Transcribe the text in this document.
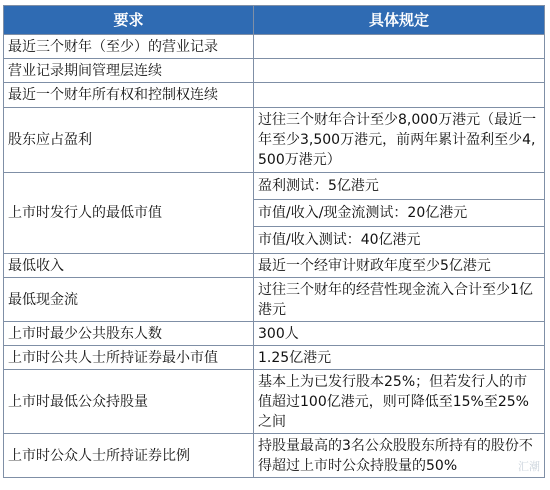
要求	具体规定
最近三个财年（至少）的营业记录	
营业记录期间管理层连续	
最近一个财年所有权和控制权连续	
股东应占盈利	过往三个财年合计至少8,000万港元（最近一年至少3,500万港元，前两年累计盈利至少4,500万港元）
上市时发行人的最低市值	盈利测试：5亿港元
	市值/收入/现金流测试：20亿港元
	市值/收入测试：40亿港元
最低收入	最近一个经审计财政年度至少5亿港元
最低现金流	过往三个财年的经营性现金流入合计至少1亿港元
上市时最少公共股东人数	300人
上市时公共人士所持证券最小市值	1.25亿港元
上市时最低公众持股量	基本上为已发行股本25%；但若发行人的市值超过100亿港元，则可降低至15%至25%之间
上市时公众人士所持证券比例	持股量最高的3名公众股股东所持有的股份不得超过上市时公众持股量的50%	汇潮
